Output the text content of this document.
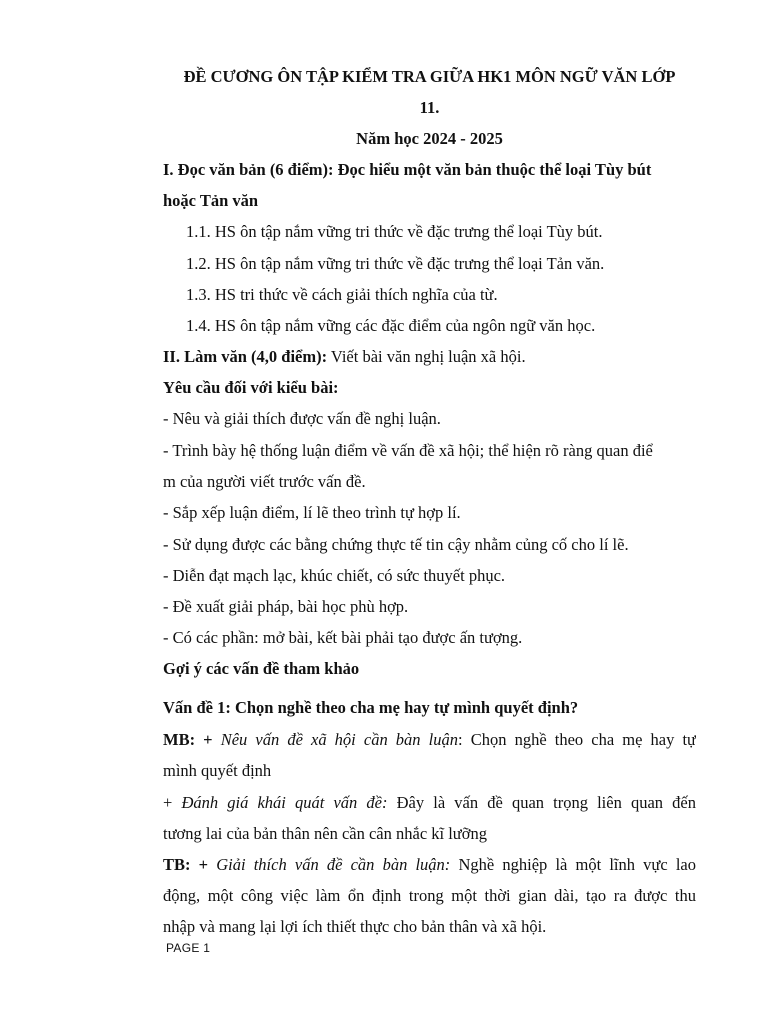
ĐỀ CƯƠNG ÔN TẬP KIỂM TRA GIỮA HK1 MÔN NGỮ VĂN LỚP
11.
Năm học 2024 - 2025
I. Đọc văn bản (6 điểm): Đọc hiểu một văn bản thuộc thể loại Tùy bút
hoặc Tản văn
1.1. HS ôn tập nắm vững tri thức về đặc trưng thể loại Tùy bút.
1.2. HS ôn tập nắm vững tri thức về đặc trưng thể loại Tản văn.
1.3. HS tri thức về cách giải thích nghĩa của từ.
1.4. HS ôn tập nắm vững các đặc điểm của ngôn ngữ văn học.
II. Làm văn (4,0 điểm): Viết bài văn nghị luận xã hội.
Yêu cầu đối với kiểu bài:
- Nêu và giải thích được vấn đề nghị luận.
- Trình bày hệ thống luận điểm về vấn đề xã hội; thể hiện rõ ràng quan điể
m của người viết trước vấn đề.
- Sắp xếp luận điểm, lí lẽ theo trình tự hợp lí.
- Sử dụng được các bằng chứng thực tế tin cậy nhằm củng cố cho lí lẽ.
- Diễn đạt mạch lạc, khúc chiết, có sức thuyết phục.
- Đề xuất giải pháp, bài học phù hợp.
- Có các phần: mở bài, kết bài phải tạo được ấn tượng.
Gợi ý các vấn đề tham khảo
Vấn đề 1: Chọn nghề theo cha mẹ hay tự mình quyết định?
MB: + Nêu vấn đề xã hội cần bàn luận: Chọn nghề theo cha mẹ hay tự
mình quyết định
+ Đánh giá khái quát vấn đề: Đây là vấn đề quan trọng liên quan đến
tương lai của bản thân nên cần cân nhắc kĩ lưỡng
TB: + Giải thích vấn đề cần bàn luận: Nghề nghiệp là một lĩnh vực lao
động, một công việc làm ổn định trong một thời gian dài, tạo ra được thu
nhập và mang lại lợi ích thiết thực cho bản thân và xã hội.
PAGE 1
